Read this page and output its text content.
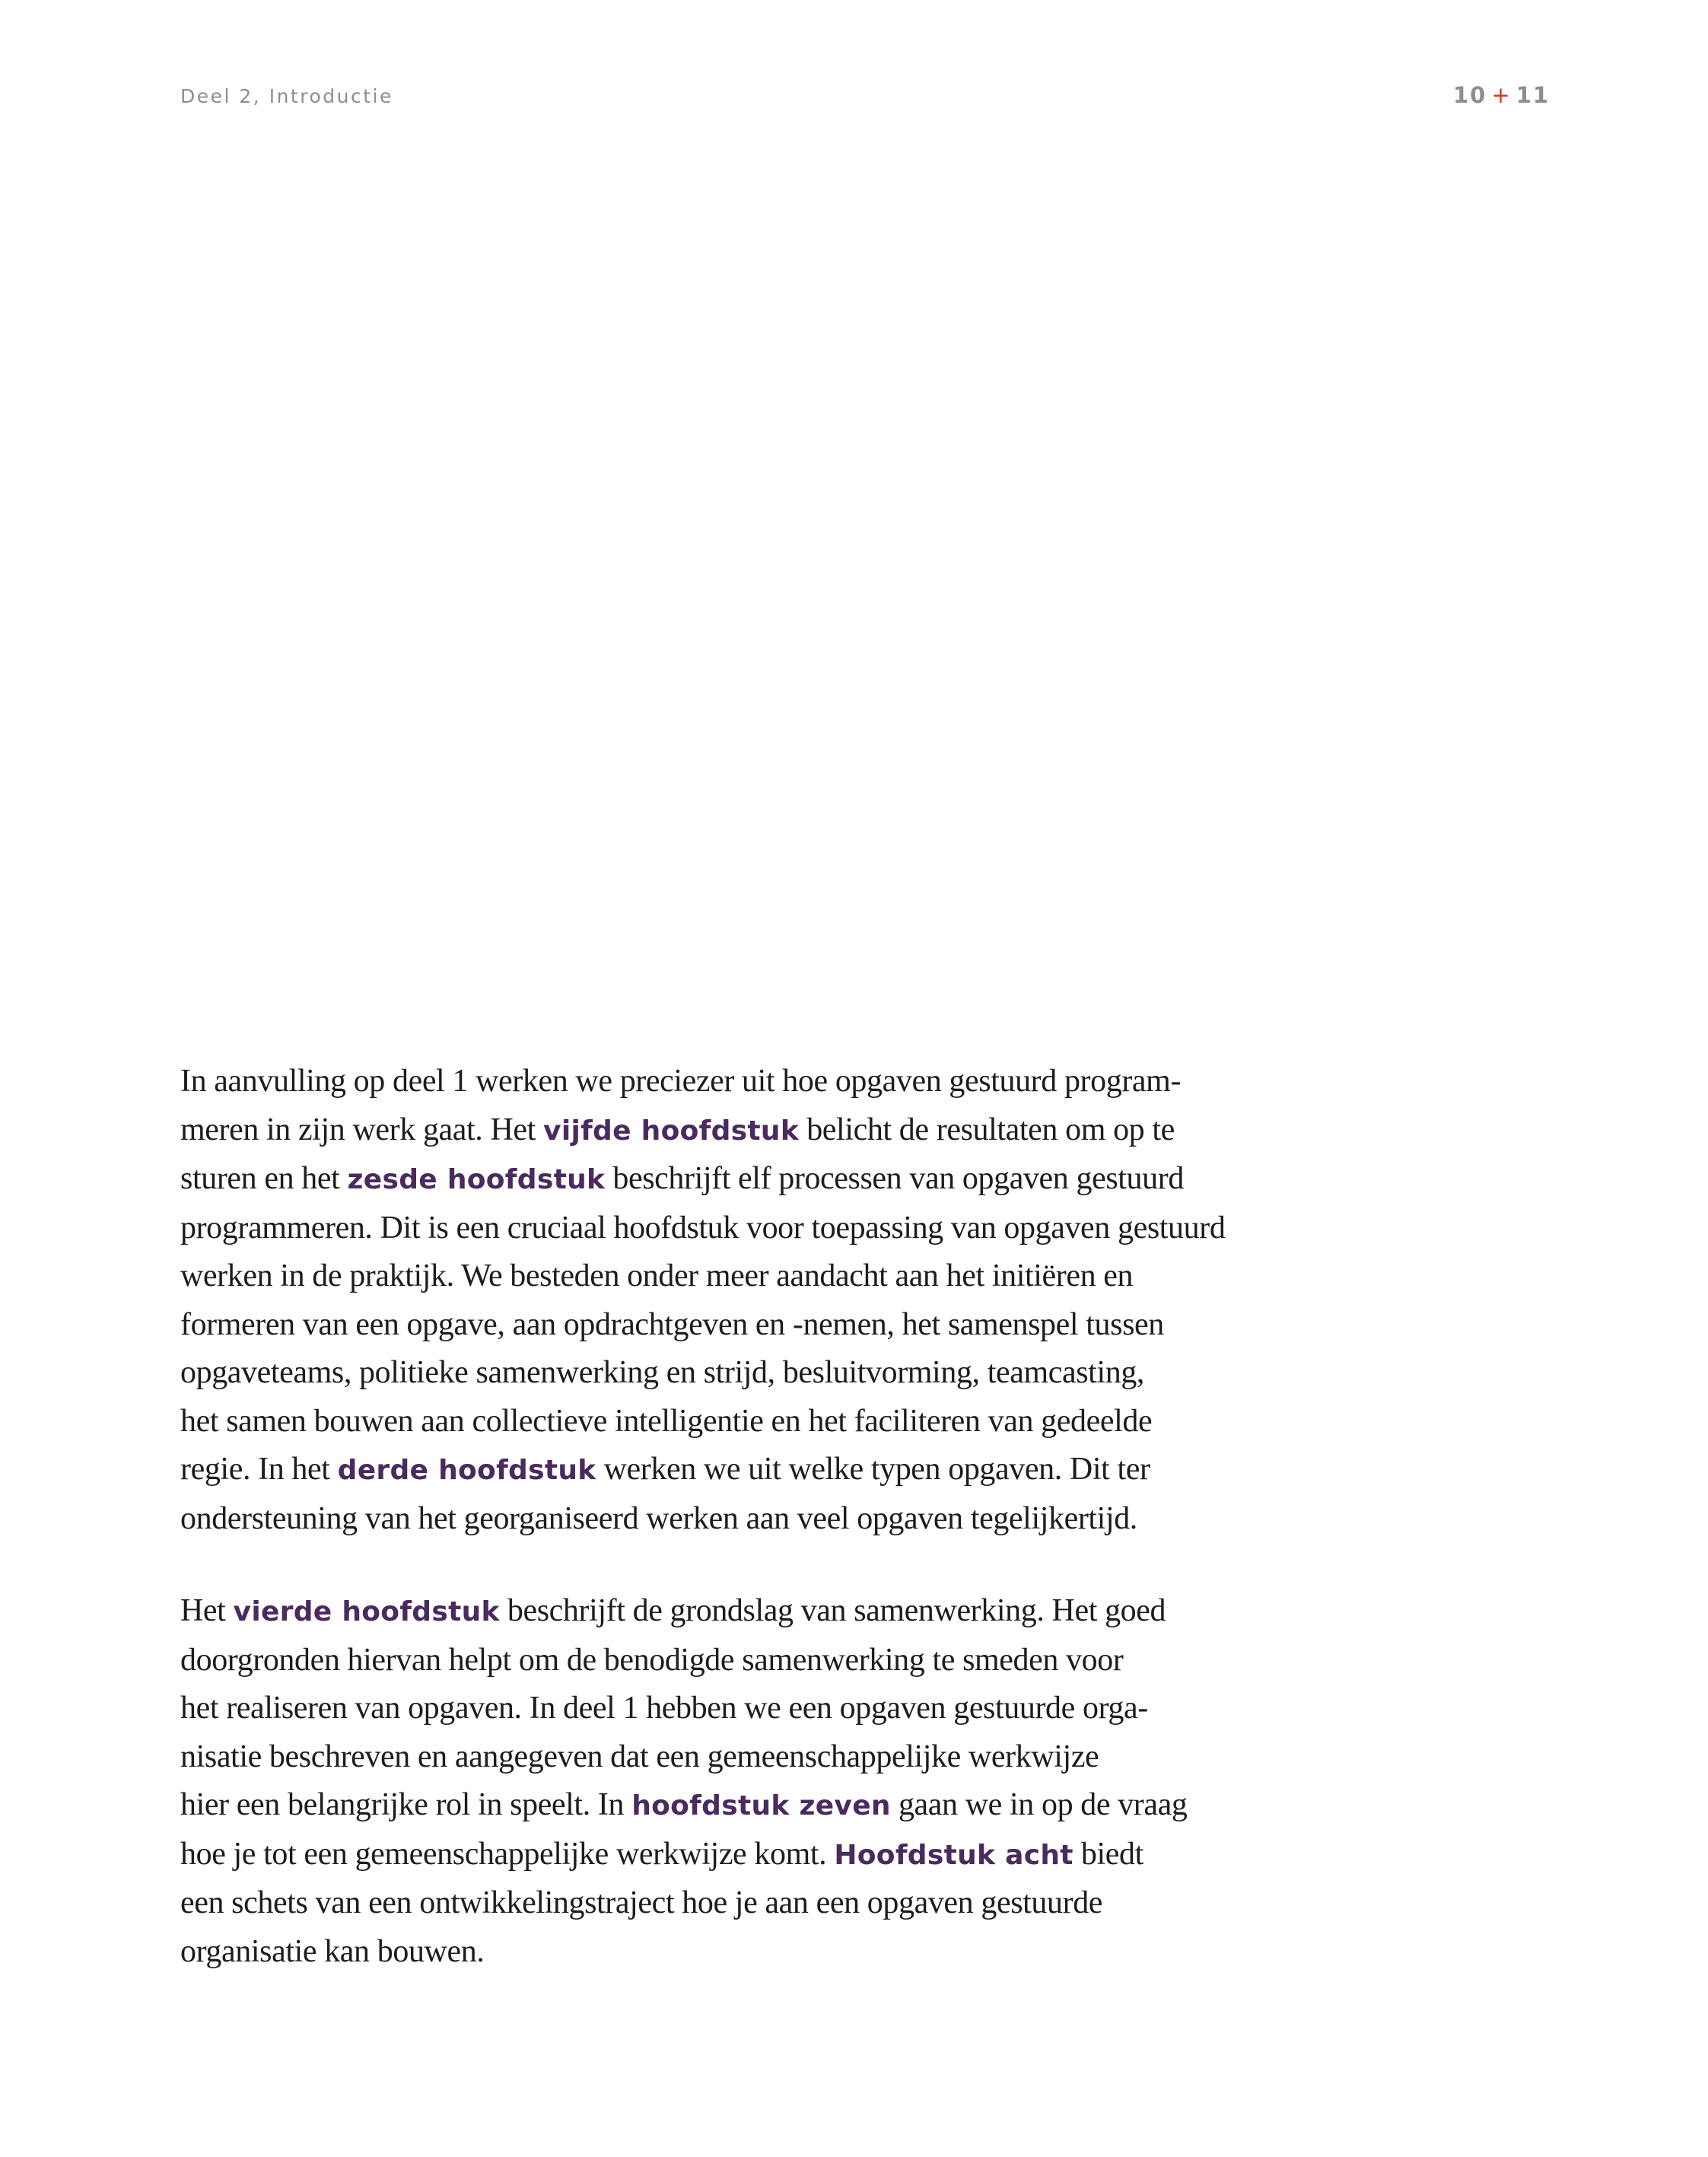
Deel 2, Introductie	10 + 11
In aanvulling op deel 1 werken we preciezer uit hoe opgaven gestuurd program-
meren in zijn werk gaat. Het vijfde hoofdstuk belicht de resultaten om op te
sturen en het zesde hoofdstuk beschrijft elf processen van opgaven gestuurd
programmeren. Dit is een cruciaal hoofdstuk voor toepassing van opgaven gestuurd
werken in de praktijk. We besteden onder meer aandacht aan het initiëren en
formeren van een opgave, aan opdrachtgeven en -nemen, het samenspel tussen
opgaveteams, politieke samenwerking en strijd, besluitvorming, teamcasting,
het samen bouwen aan collectieve intelligentie en het faciliteren van gedeelde
regie. In het derde hoofdstuk werken we uit welke typen opgaven. Dit ter
ondersteuning van het georganiseerd werken aan veel opgaven tegelijkertijd.
Het vierde hoofdstuk beschrijft de grondslag van samenwerking. Het goed
doorgronden hiervan helpt om de benodigde samenwerking te smeden voor
het realiseren van opgaven. In deel 1 hebben we een opgaven gestuurde orga-
nisatie beschreven en aangegeven dat een gemeenschappelijke werkwijze
hier een belangrijke rol in speelt. In hoofdstuk zeven gaan we in op de vraag
hoe je tot een gemeenschappelijke werkwijze komt. Hoofdstuk acht biedt
een schets van een ontwikkelingstraject hoe je aan een opgaven gestuurde
organisatie kan bouwen.
